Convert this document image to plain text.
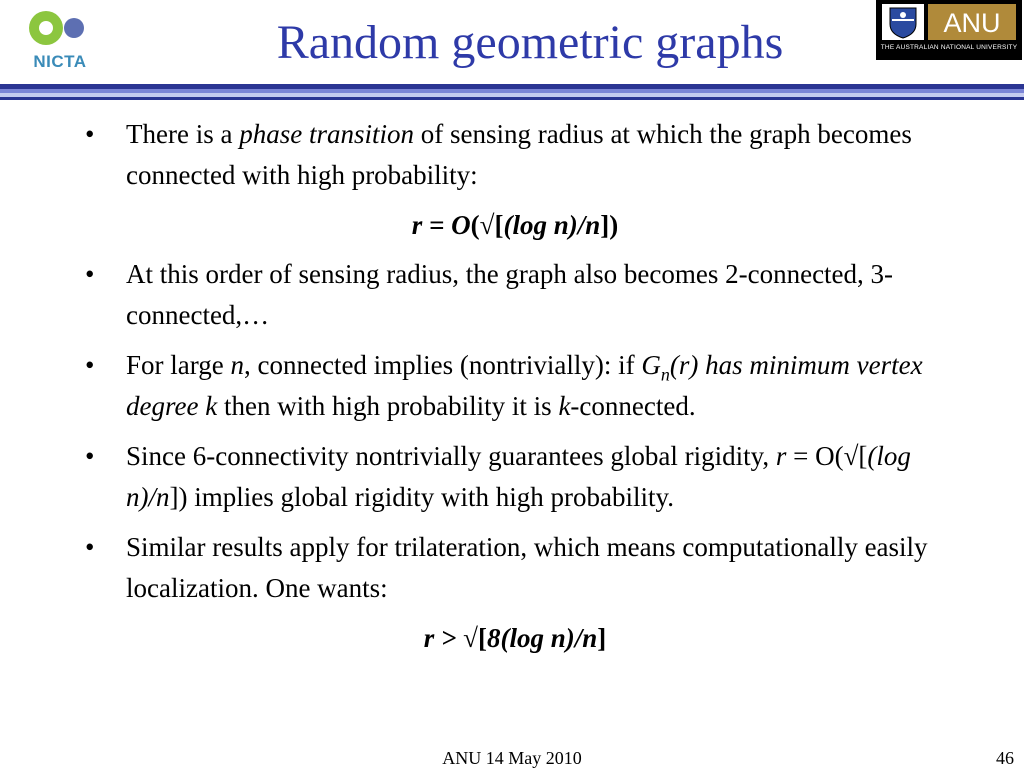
NICTA	Random geometric graphs	ANU
THE AUSTRALIAN NATIONAL UNIVERSITY
• There is a phase transition of sensing radius at which the graph becomes connected with high probability:
r = O(√[(log n)/n])
• At this order of sensing radius, the graph also becomes 2-connected, 3-connected,…
• For large n, connected implies (nontrivially): if $G_n(r)$ has minimum vertex degree k then with high probability it is k-connected.
• Since 6-connectivity nontrivially guarantees global rigidity, r = O(√[(log n)/n]) implies global rigidity with high probability.
• Similar results apply for trilateration, which means computationally easily localization. One wants:
r > √[8(log n)/n]
ANU 14 May 2010	46
